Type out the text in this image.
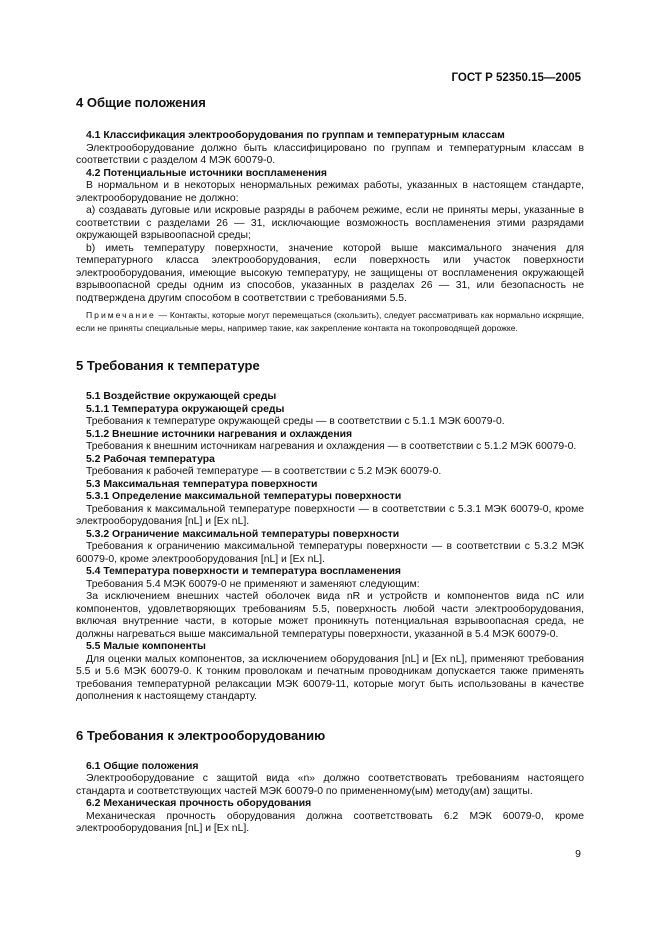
ГОСТ Р 52350.15—2005
4 Общие положения
4.1 Классификация электрооборудования по группам и температурным классам
Электрооборудование должно быть классифицировано по группам и температурным классам в соответствии с разделом 4 МЭК 60079-0.
4.2 Потенциальные источники воспламенения
В нормальном и в некоторых ненормальных режимах работы, указанных в настоящем стандарте, электрооборудование не должно:
a) создавать дуговые или искровые разряды в рабочем режиме, если не приняты меры, указанные в соответствии с разделами 26 — 31, исключающие возможность воспламенения этими разрядами окружающей взрывоопасной среды;
b) иметь температуру поверхности, значение которой выше максимального значения для температурного класса электрооборудования, если поверхность или участок поверхности электрооборудования, имеющие высокую температуру, не защищены от воспламенения окружающей взрывоопасной среды одним из способов, указанных в разделах 26 — 31, или безопасность не подтверждена другим способом в соответствии с требованиями 5.5.
Примечание — Контакты, которые могут перемещаться (скользить), следует рассматривать как нормально искрящие, если не приняты специальные меры, например такие, как закрепление контакта на токопроводящей дорожке.
5 Требования к температуре
5.1 Воздействие окружающей среды
5.1.1 Температура окружающей среды
Требования к температуре окружающей среды — в соответствии с 5.1.1 МЭК 60079-0.
5.1.2 Внешние источники нагревания и охлаждения
Требования к внешним источникам нагревания и охлаждения — в соответствии с 5.1.2 МЭК 60079-0.
5.2 Рабочая температура
Требования к рабочей температуре — в соответствии с 5.2 МЭК 60079-0.
5.3 Максимальная температура поверхности
5.3.1 Определение максимальной температуры поверхности
Требования к максимальной температуре поверхности — в соответствии с 5.3.1 МЭК 60079-0, кроме электрооборудования [nL] и [Ex nL].
5.3.2 Ограничение максимальной температуры поверхности
Требования к ограничению максимальной температуры поверхности — в соответствии с 5.3.2 МЭК 60079-0, кроме электрооборудования [nL] и [Ex nL].
5.4 Температура поверхности и температура воспламенения
Требования 5.4 МЭК 60079-0 не применяют и заменяют следующим:
За исключением внешних частей оболочек вида nR и устройств и компонентов вида nC или компонентов, удовлетворяющих требованиям 5.5, поверхность любой части электрооборудования, включая внутренние части, в которые может проникнуть потенциальная взрывоопасная среда, не должны нагреваться выше максимальной температуры поверхности, указанной в 5.4 МЭК 60079-0.
5.5 Малые компоненты
Для оценки малых компонентов, за исключением оборудования [nL] и [Ex nL], применяют требования 5.5 и 5.6 МЭК 60079-0. К тонким проволокам и печатным проводникам допускается также применять требования температурной релаксации МЭК 60079-11, которые могут быть использованы в качестве дополнения к настоящему стандарту.
6 Требования к электрооборудованию
6.1 Общие положения
Электрооборудование с защитой вида «n» должно соответствовать требованиям настоящего стандарта и соответствующих частей МЭК 60079-0 по примененному(ым) методу(ам) защиты.
6.2 Механическая прочность оборудования
Механическая прочность оборудования должна соответствовать 6.2 МЭК 60079-0, кроме электрооборудования [nL] и [Ex nL].
9
